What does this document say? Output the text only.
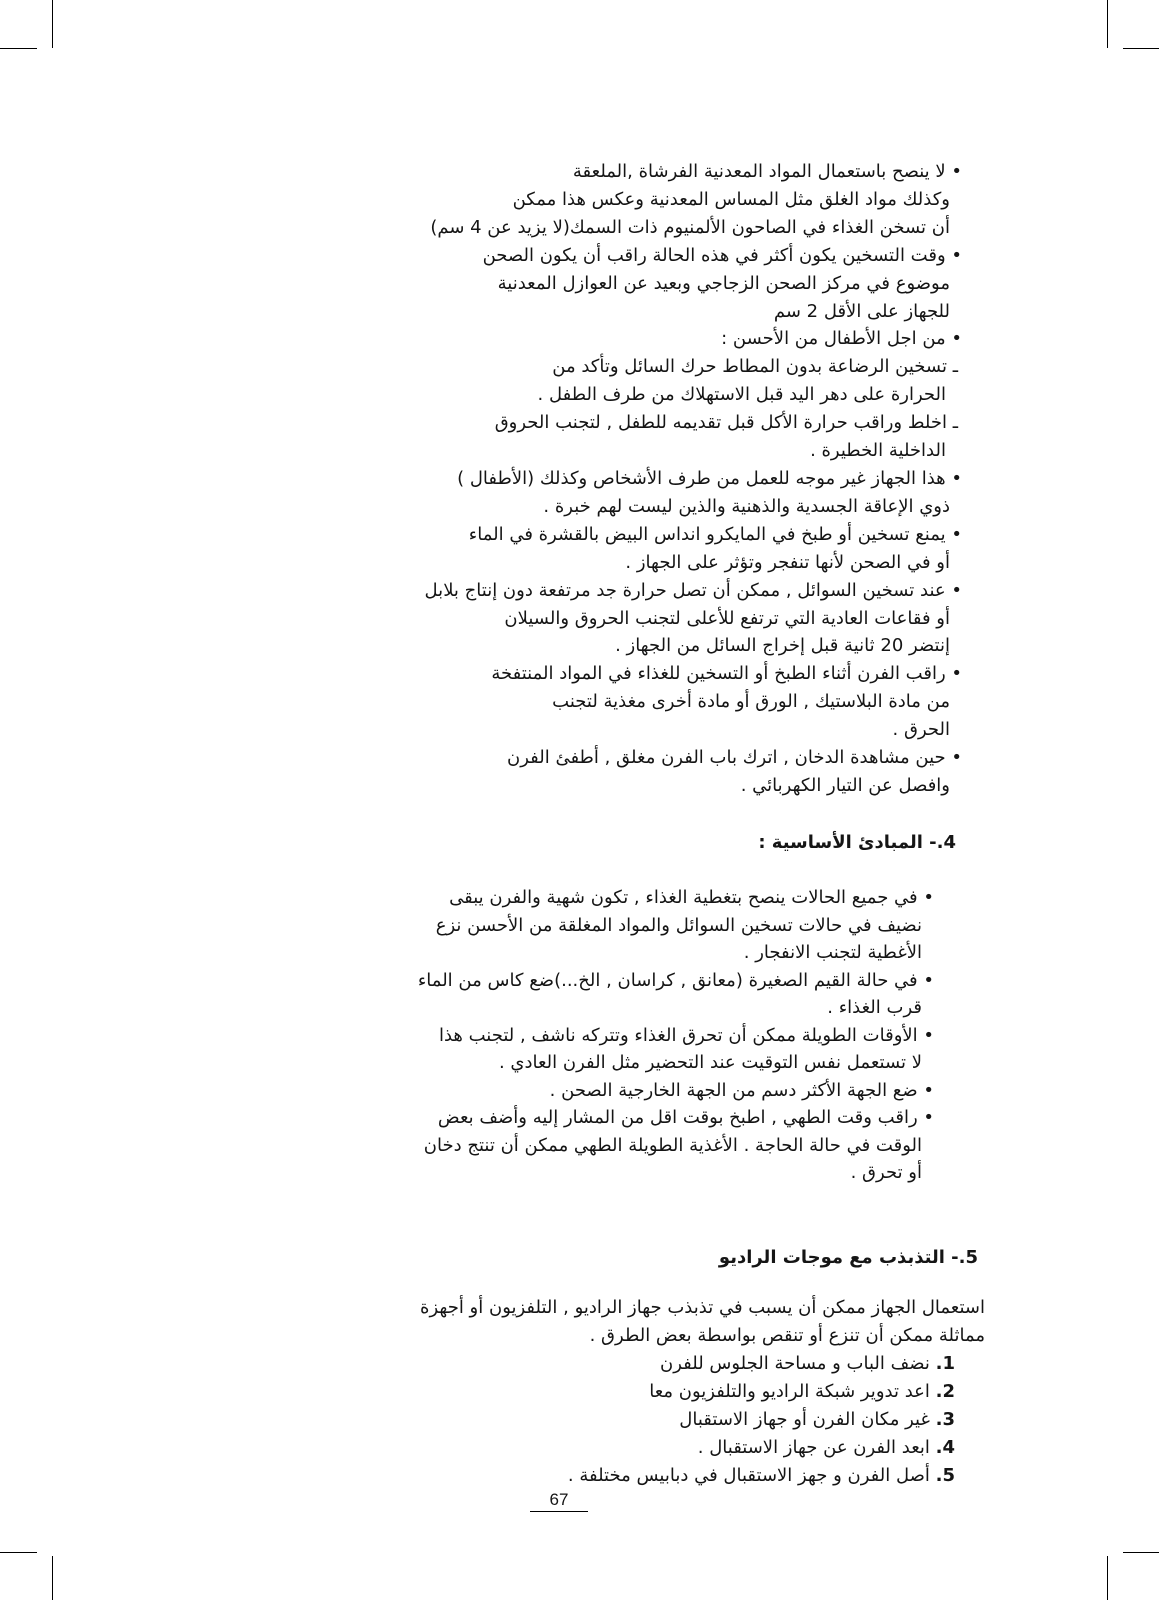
• لا ينصح باستعمال المواد المعدنية الفرشاة ,الملعقة
وكذلك مواد الغلق مثل المساس المعدنية وعكس هذا ممكن
أن تسخن الغذاء في الصاحون الألمنيوم ذات السمك(لا يزيد عن 4 سم)
• وقت التسخين يكون أكثر في هذه الحالة راقب أن يكون الصحن
موضوع في مركز الصحن الزجاجي وبعيد عن العوازل المعدنية
للجهاز على الأقل 2 سم
• من اجل الأطفال من الأحسن :
ـ تسخين الرضاعة بدون المطاط حرك السائل وتأكد من
الحرارة على دهر اليد قبل الاستهلاك من طرف الطفل .
ـ اخلط وراقب حرارة الأكل قبل تقديمه للطفل , لتجنب الحروق
الداخلية الخطيرة .
• هذا الجهاز غير موجه للعمل من طرف الأشخاص وكذلك (الأطفال )
ذوي الإعاقة الجسدية والذهنية والذين ليست لهم خبرة .
• يمنع تسخين أو طبخ في المايكرو انداس البيض بالقشرة في الماء
أو في الصحن لأنها تنفجر وتؤثر على الجهاز .
• عند تسخين السوائل , ممكن أن تصل حرارة جد مرتفعة دون إنتاج بلابل
أو فقاعات العادية التي ترتفع للأعلى لتجنب الحروق والسيلان
إنتضر 20 ثانية قبل إخراج السائل من الجهاز .
• راقب الفرن أثناء الطبخ أو التسخين للغذاء في المواد المنتفخة
من مادة البلاستيك , الورق أو مادة أخرى مغذية لتجنب
الحرق .
• حين مشاهدة الدخان , اترك باب الفرن مغلق , أطفئ الفرن
وافصل عن التيار الكهربائي .
4.- المبادئ الأساسية :
• في جميع الحالات ينصح بتغطية الغذاء , تكون شهية والفرن يبقى
نضيف في حالات تسخين السوائل والمواد المغلقة من الأحسن نزع
الأغطية لتجنب الانفجار .
• في حالة القيم الصغيرة (معانق , كراسان , الخ...)ضع كاس من الماء
قرب الغذاء .
• الأوقات الطويلة ممكن أن تحرق الغذاء وتتركه ناشف , لتجنب هذا
لا تستعمل نفس التوقيت عند التحضير مثل الفرن العادي .
• ضع الجهة الأكثر دسم من الجهة الخارجية الصحن .
• راقب وقت الطهي , اطبخ بوقت اقل من المشار إليه وأضف بعض
الوقت في حالة الحاجة . الأغذية الطويلة الطهي ممكن أن تنتج دخان
أو تحرق .
5.- التذبذب مع موجات الراديو
استعمال الجهاز ممكن أن يسبب في تذبذب جهاز الراديو , التلفزيون أو أجهزة
مماثلة ممكن أن تنزع أو تنقص بواسطة بعض الطرق .
1. نضف الباب و مساحة الجلوس للفرن
2. اعد تدوير شبكة الراديو والتلفزيون معا
3. غير مكان الفرن أو جهاز الاستقبال
4. ابعد الفرن عن جهاز الاستقبال .
5. أصل الفرن و جهز الاستقبال في دبابيس مختلفة .
67
